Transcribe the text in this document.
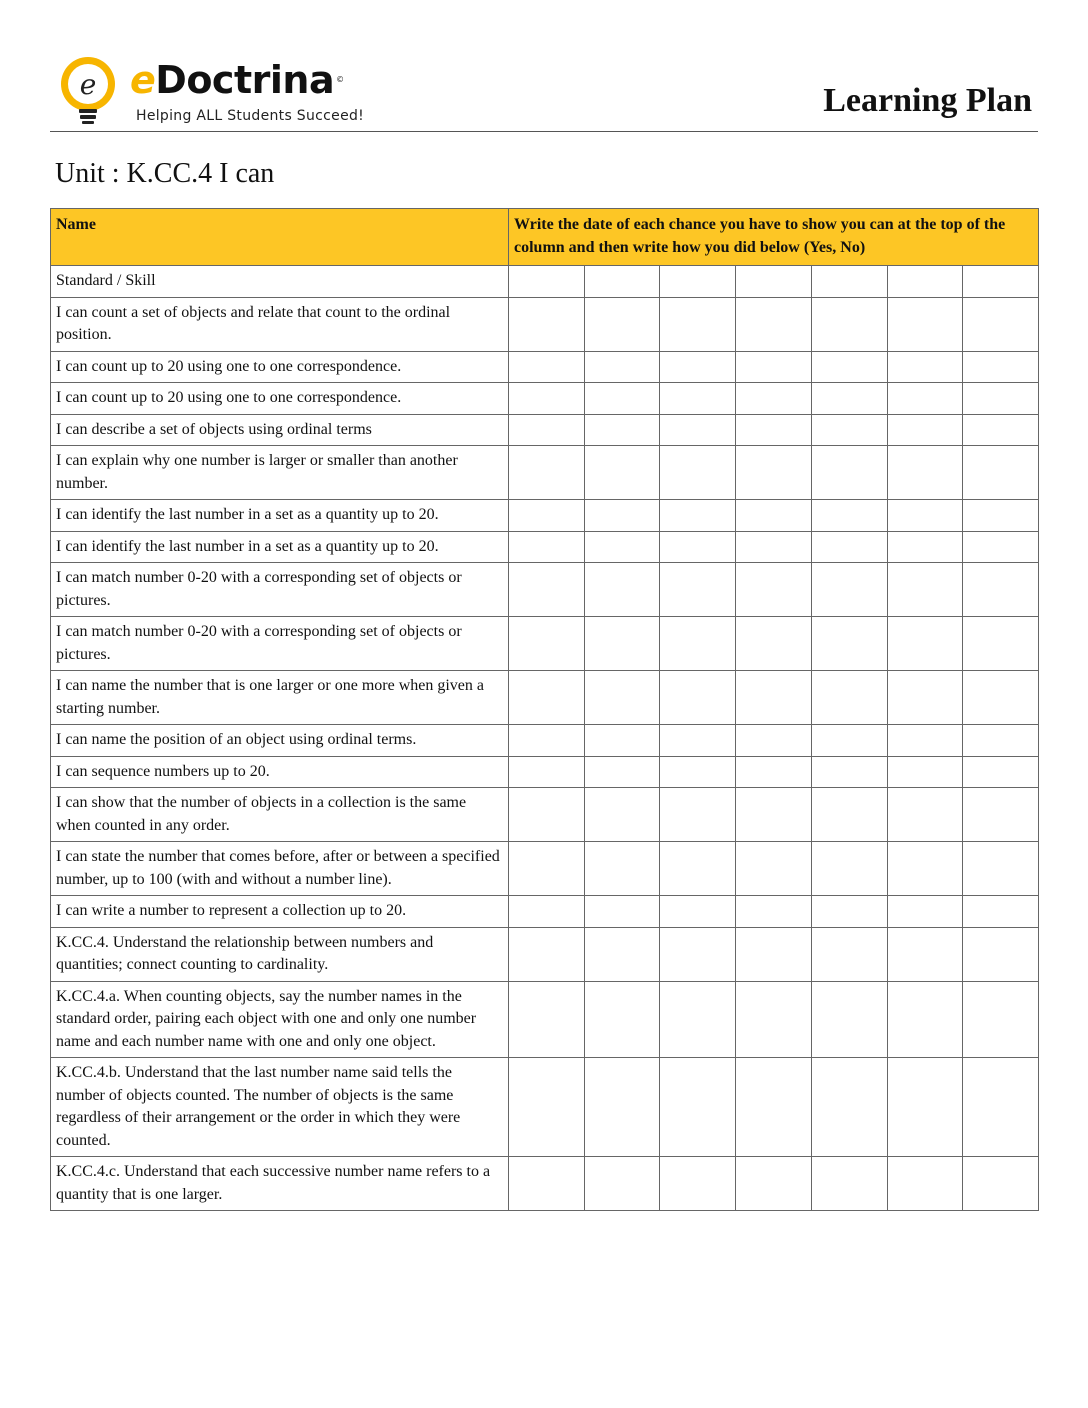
e eDoctrina ©
Helping ALL Students Succeed!	Learning Plan
Unit : K.CC.4 I can
Name	Write the date of each chance you have to show you can at the top of the column and then write how you did below (Yes, No)						
Standard / Skill							
I can count a set of objects and relate that count to the ordinal position.							
I can count up to 20 using one to one correspondence.							
I can count up to 20 using one to one correspondence.							
I can describe a set of objects using ordinal terms							
I can explain why one number is larger or smaller than another number.							
I can identify the last number in a set as a quantity up to 20.							
I can identify the last number in a set as a quantity up to 20.							
I can match number 0-20 with a corresponding set of objects or pictures.							
I can match number 0-20 with a corresponding set of objects or pictures.							
I can name the number that is one larger or one more when given a starting number.							
I can name the position of an object using ordinal terms.							
I can sequence numbers up to 20.							
I can show that the number of objects in a collection is the same when counted in any order.							
I can state the number that comes before, after or between a specified number, up to 100 (with and without a number line).							
I can write a number to represent a collection up to 20.							
K.CC.4. Understand the relationship between numbers and quantities; connect counting to cardinality.							
K.CC.4.a. When counting objects, say the number names in the standard order, pairing each object with one and only one number name and each number name with one and only one object.							
K.CC.4.b. Understand that the last number name said tells the number of objects counted. The number of objects is the same regardless of their arrangement or the order in which they were counted.							
K.CC.4.c. Understand that each successive number name refers to a quantity that is one larger.							
